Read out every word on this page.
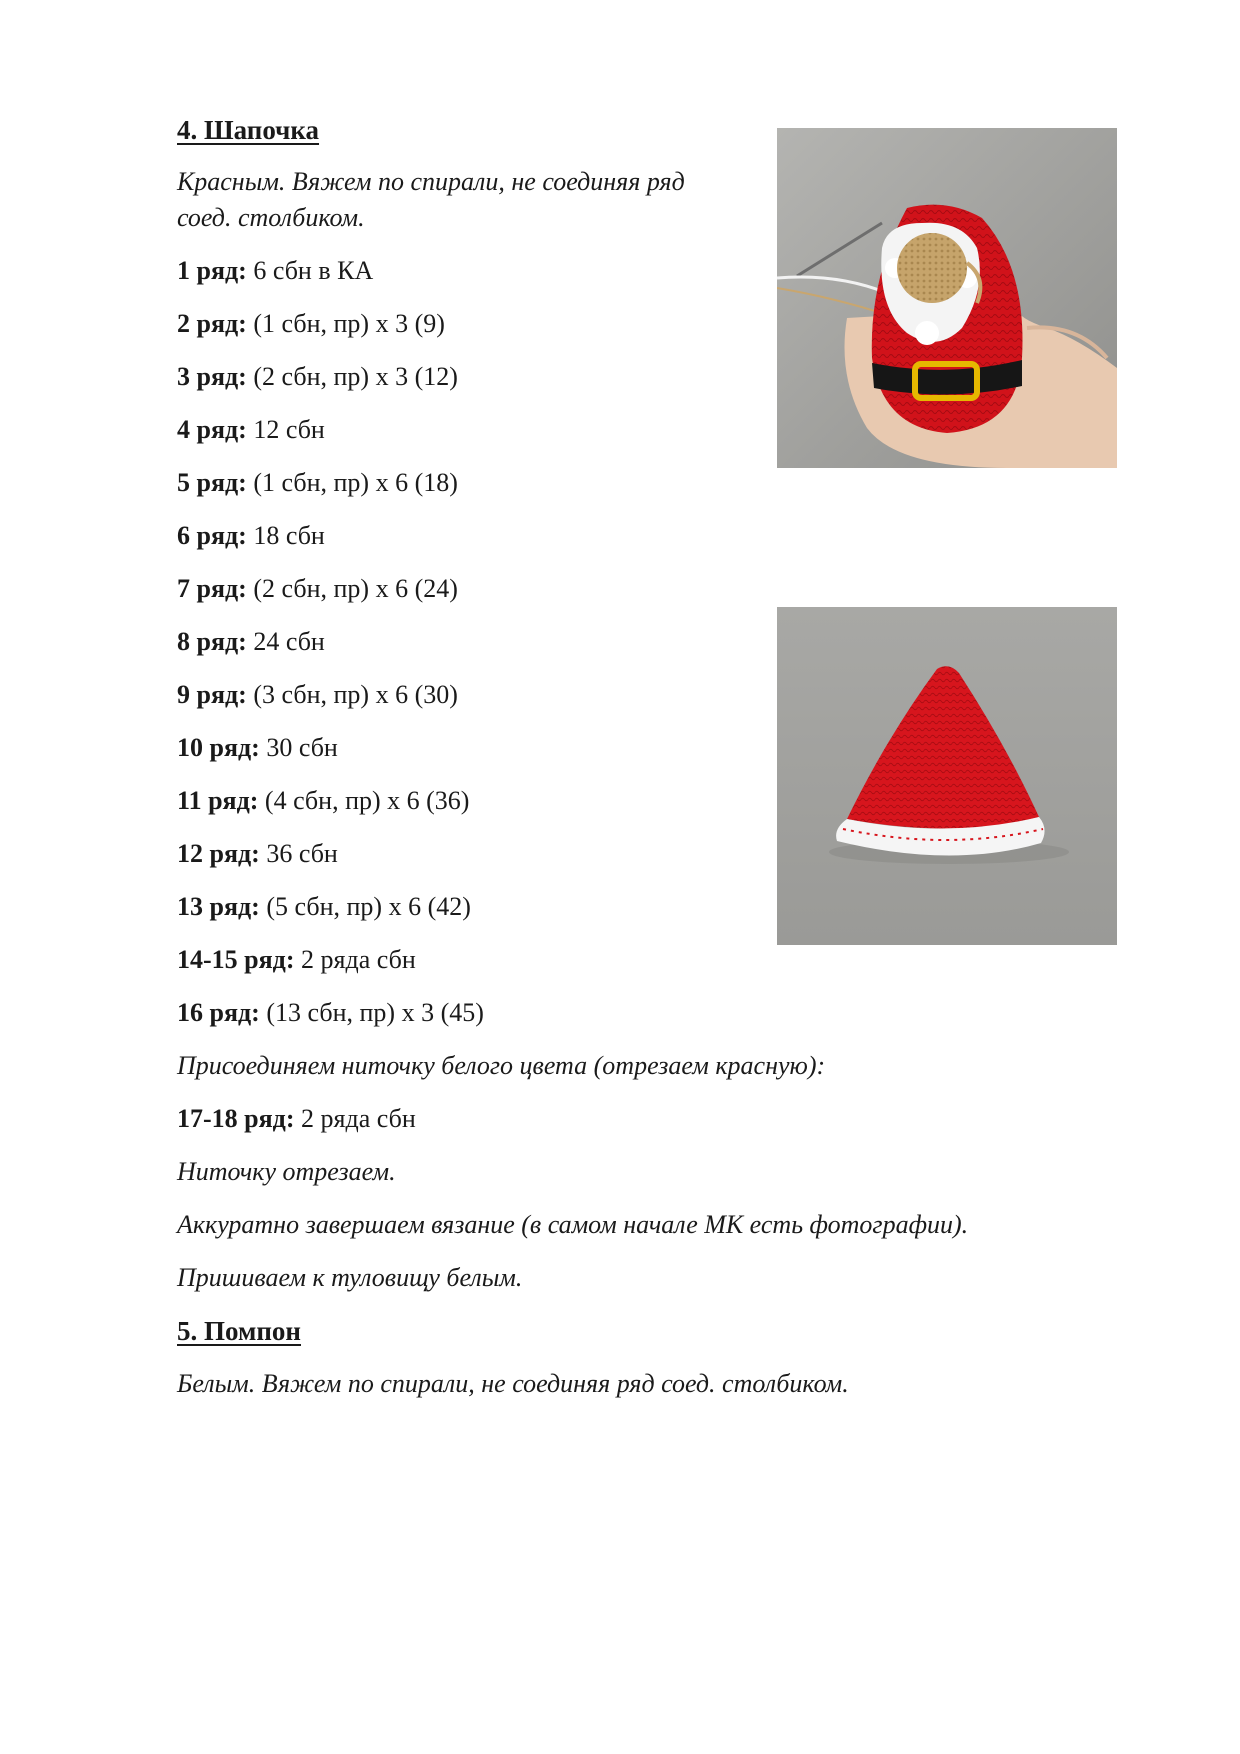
4. Шапочка

Красным. Вяжем по спирали, не соединяя ряд соед. столбиком.

1 ряд: 6 сбн в КА

2 ряд: (1 сбн, пр) х 3 (9)

3 ряд: (2 сбн, пр) х 3 (12)

4 ряд: 12 сбн

5 ряд: (1 сбн, пр) х 6 (18)

6 ряд: 18 сбн

7 ряд: (2 сбн, пр) х 6 (24)

8 ряд: 24 сбн

9 ряд: (3 сбн, пр) х 6 (30)

10 ряд: 30 сбн

11 ряд: (4 сбн, пр) х 6 (36)

12 ряд: 36 сбн

13 ряд: (5 сбн, пр) х 6 (42)

14-15 ряд: 2 ряда сбн

16 ряд: (13 сбн, пр) х 3 (45)

Присоединяем ниточку белого цвета (отрезаем красную):

17-18 ряд: 2 ряда сбн

Ниточку отрезаем.

Аккуратно завершаем вязание (в самом начале МК есть фотографии).

Пришиваем к туловищу белым.

5. Помпон

Белым. Вяжем по спирали, не соединяя ряд соед. столбиком.
